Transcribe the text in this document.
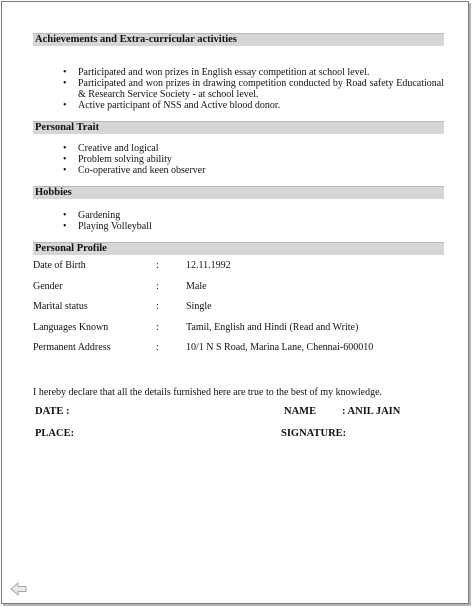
Achievements and Extra-curricular activities
• Participated and won prizes in English essay competition at school level.
• Participated and won prizes in drawing competition conducted by Road safety Educational & Research Service Society - at school level.
• Active participant of NSS and Active blood donor.
Personal Trait
• Creative and logical
• Problem solving ability
• Co-operative and keen observer
Hobbies
• Gardening
• Playing Volleyball
Personal Profile
Date of Birth	:	12.11.1992
Gender	:	Male
Marital status	:	Single
Languages Known	:	Tamil, English and Hindi (Read and Write)
Permanent Address	:	10/1 N S Road, Marina Lane, Chennai-600010
I hereby declare that all the details furnished here are true to the best of my knowledge.
DATE :	NAME : ANIL JAIN
PLACE:	SIGNATURE:
